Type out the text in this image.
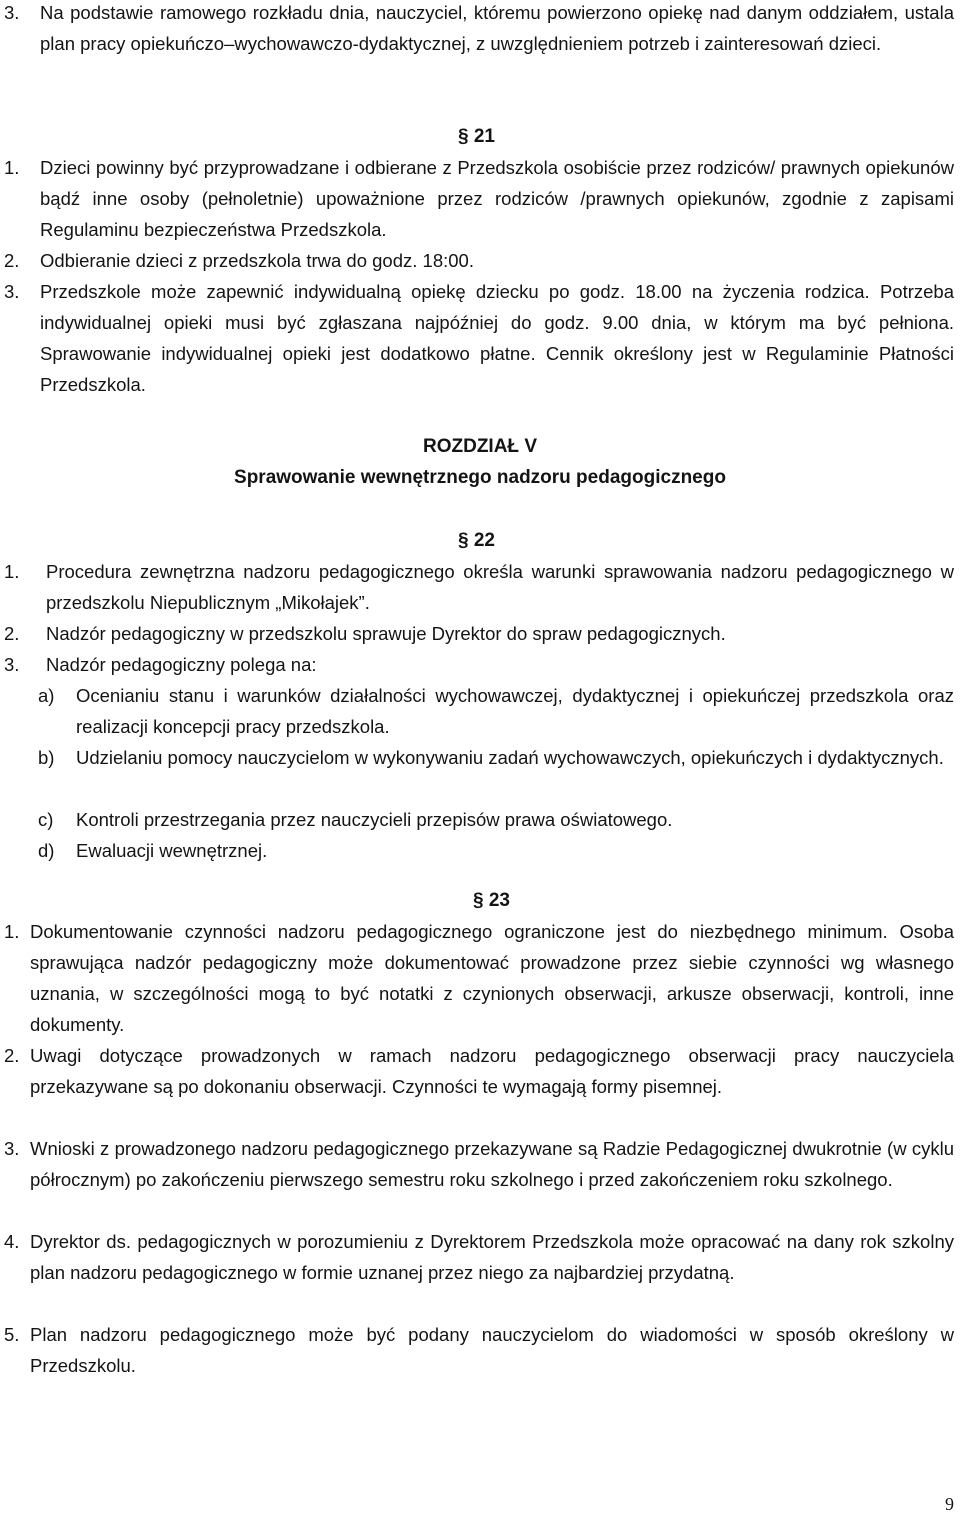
3.	Na podstawie ramowego rozkładu dnia, nauczyciel, któremu powierzono opiekę nad danym oddziałem, ustala plan pracy opiekuńczo–wychowawczo-dydaktycznej, z uwzględnieniem potrzeb i zainteresowań dzieci.
§ 21
1.	Dzieci powinny być przyprowadzane i odbierane z Przedszkola osobiście przez rodziców/ prawnych opiekunów bądź inne osoby (pełnoletnie) upoważnione przez rodziców /prawnych opiekunów, zgodnie z zapisami Regulaminu bezpieczeństwa Przedszkola.
2.	Odbieranie dzieci z przedszkola trwa do godz. 18:00.
3.	Przedszkole może zapewnić indywidualną opiekę dziecku po godz. 18.00 na życzenia rodzica. Potrzeba indywidualnej opieki musi być zgłaszana najpóźniej do godz. 9.00 dnia, w którym ma być pełniona. Sprawowanie indywidualnej opieki jest dodatkowo płatne. Cennik określony jest w Regulaminie Płatności Przedszkola.
ROZDZIAŁ V
Sprawowanie wewnętrznego nadzoru pedagogicznego
§ 22
1.	Procedura zewnętrzna nadzoru pedagogicznego określa warunki sprawowania nadzoru pedagogicznego w przedszkolu Niepublicznym „Mikołajek”.
2.	Nadzór pedagogiczny w przedszkolu sprawuje Dyrektor do spraw pedagogicznych.
3.	Nadzór pedagogiczny polega na:
a)	Ocenianiu stanu i warunków działalności wychowawczej, dydaktycznej i opiekuńczej przedszkola oraz realizacji koncepcji pracy przedszkola.
b)	Udzielaniu pomocy nauczycielom w wykonywaniu zadań wychowawczych, opiekuńczych i dydaktycznych.
c)	Kontroli przestrzegania przez nauczycieli przepisów prawa oświatowego.
d)	Ewaluacji wewnętrznej.
§ 23
1. Dokumentowanie czynności nadzoru pedagogicznego ograniczone jest do niezbędnego minimum. Osoba sprawująca nadzór pedagogiczny może dokumentować prowadzone przez siebie czynności wg własnego uznania, w szczególności mogą to być notatki z czynionych obserwacji, arkusze obserwacji, kontroli, inne dokumenty.
2. Uwagi dotyczące prowadzonych w ramach nadzoru pedagogicznego obserwacji pracy nauczyciela przekazywane są po dokonaniu obserwacji. Czynności te wymagają formy pisemnej.
3. Wnioski z prowadzonego nadzoru pedagogicznego przekazywane są Radzie Pedagogicznej dwukrotnie (w cyklu półrocznym) po zakończeniu pierwszego semestru roku szkolnego i przed zakończeniem roku szkolnego.
4. Dyrektor ds. pedagogicznych w porozumieniu z Dyrektorem Przedszkola może opracować na dany rok szkolny plan nadzoru pedagogicznego w formie uznanej przez niego za najbardziej przydatną.
5. Plan nadzoru pedagogicznego może być podany nauczycielom do wiadomości w sposób określony w Przedszkolu.
9
